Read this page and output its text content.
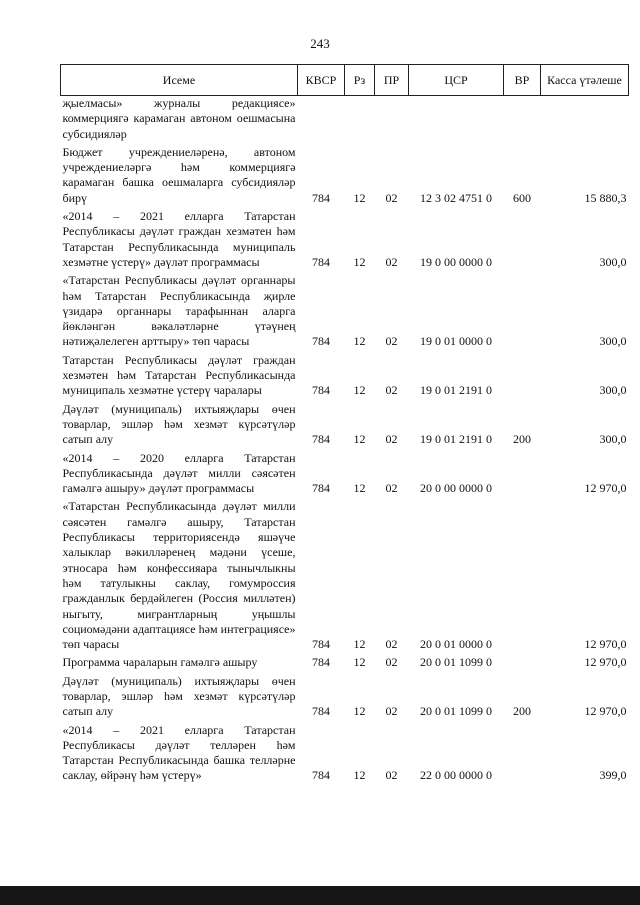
243
Исеме	КВСР	Рз	ПР	ЦСР	ВР	Касса үтәлеше
җыелмасы» журналы редакциясе» коммерциягә карамаган автоном оешмасына субсидияләр						
Бюджет учреждениеләренә, автоном учреждениеләргә һәм коммерциягә карамаган башка оешмаларга субсидияләр бирү	784	12	02	12 3 02 4751 0	600	15 880,3
«2014 – 2021 елларга Татарстан Республикасы дәүләт граждан хезмәтен һәм Татарстан Республикасында муниципаль хезмәтне үстерү» дәүләт программасы	784	12	02	19 0 00 0000 0		300,0
«Татарстан Республикасы дәүләт органнары һәм Татарстан Республикасында җирле үзидарә органнары тарафыннан аларга йөкләнгән вәкаләтләрне үтәүнең нәтиҗәлелеген арттыру» төп чарасы	784	12	02	19 0 01 0000 0		300,0
Татарстан Республикасы дәүләт граждан хезмәтен һәм Татарстан Республикасында муниципаль хезмәтне үстерү чаралары	784	12	02	19 0 01 2191 0		300,0
Дәүләт (муниципаль) ихтыяҗлары өчен товарлар, эшләр һәм хезмәт күрсәтүләр сатып алу	784	12	02	19 0 01 2191 0	200	300,0
«2014 – 2020 елларга Татарстан Республикасында дәүләт милли сәясәтен гамәлгә ашыру» дәүләт программасы	784	12	02	20 0 00 0000 0		12 970,0
«Татарстан Республикасында дәүләт милли сәясәтен гамәлгә ашыру, Татарстан Республикасы территориясендә яшәүче халыклар вәкилләренең мәдәни үсеше, этносара һәм конфессияара тынычлыкны һәм татулыкны саклау, гомумроссия гражданлык бердәйлеген (Россия милләтен) ныгыту, мигрантларның уңышлы социомәдәни адаптациясе һәм интеграциясе» төп чарасы	784	12	02	20 0 01 0000 0		12 970,0
Программа чараларын гамәлгә ашыру	784	12	02	20 0 01 1099 0		12 970,0
Дәүләт (муниципаль) ихтыяҗлары өчен товарлар, эшләр һәм хезмәт күрсәтүләр сатып алу	784	12	02	20 0 01 1099 0	200	12 970,0
«2014 – 2021 елларга Татарстан Республикасы дәүләт телләрен һәм Татарстан Республикасында башка телләрне саклау, өйрәнү һәм үстерү»	784	12	02	22 0 00 0000 0		399,0
